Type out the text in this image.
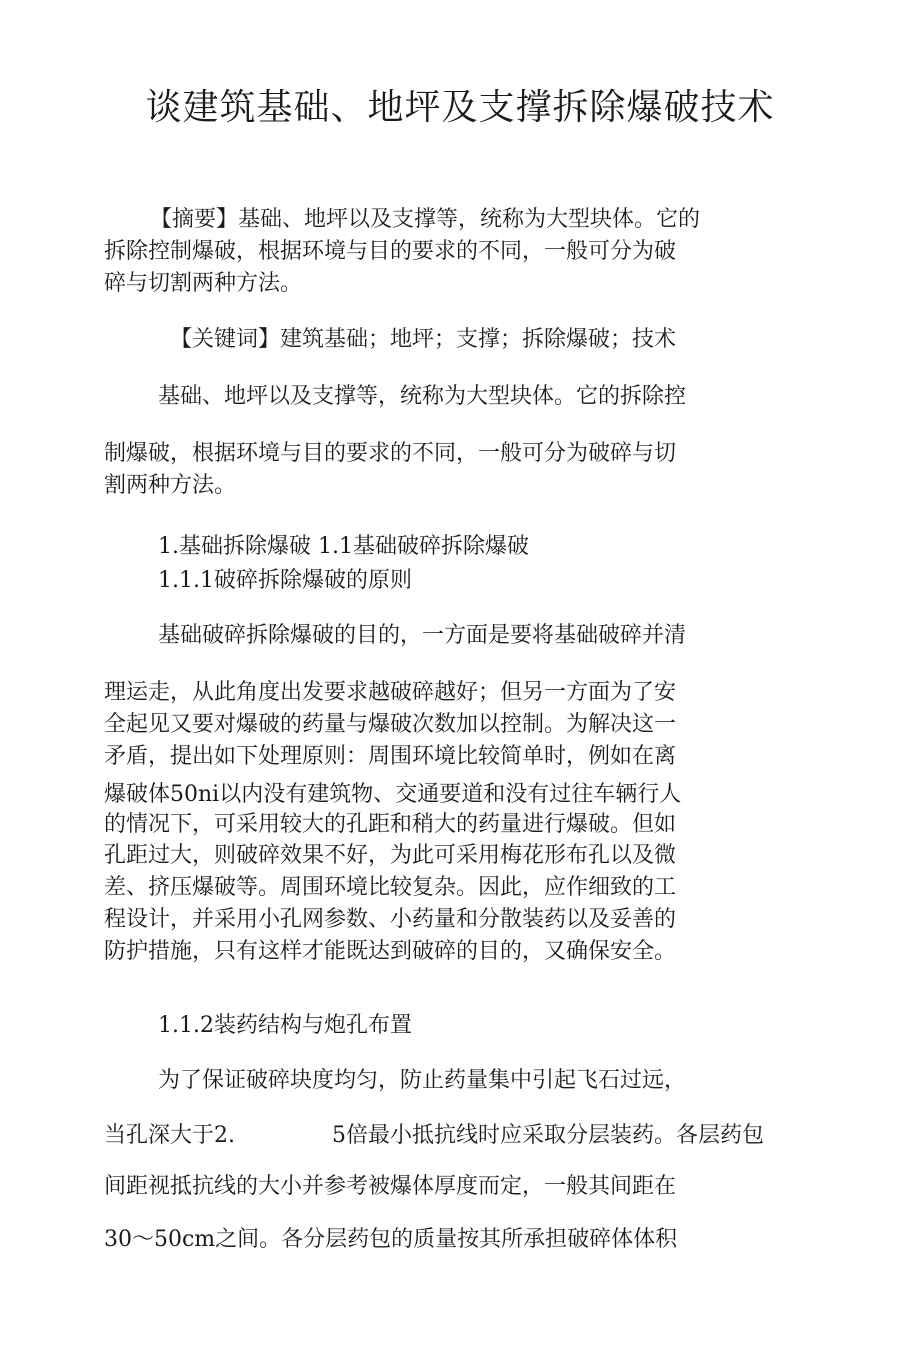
谈建筑基础、地坪及支撑拆除爆破技术
【摘要】基础、地坪以及支撑等，统称为大型块体。它的
拆除控制爆破，根据环境与目的要求的不同，一般可分为破
碎与切割两种方法。
【关键词】建筑基础；地坪；支撑；拆除爆破；技术
基础、地坪以及支撑等，统称为大型块体。它的拆除控
制爆破，根据环境与目的要求的不同，一般可分为破碎与切
割两种方法。
1.基础拆除爆破 1.1基础破碎拆除爆破
1.1.1破碎拆除爆破的原则
基础破碎拆除爆破的目的，一方面是要将基础破碎并清
理运走，从此角度出发要求越破碎越好；但另一方面为了安
全起见又要对爆破的药量与爆破次数加以控制。为解决这一
矛盾，提出如下处理原则：周围环境比较简单时，例如在离
爆破体50ni以内没有建筑物、交通要道和没有过往车辆行人
的情况下，可采用较大的孔距和稍大的药量进行爆破。但如
孔距过大，则破碎效果不好，为此可采用梅花形布孔以及微
差、挤压爆破等。周围环境比较复杂。因此，应作细致的工
程设计，并采用小孔网参数、小药量和分散装药以及妥善的
防护措施，只有这样才能既达到破碎的目的，又确保安全。
1.1.2装药结构与炮孔布置
为了保证破碎块度均匀，防止药量集中引起飞石过远，
当孔深大于2.	5倍最小抵抗线时应采取分层装药。各层药包
间距视抵抗线的大小并参考被爆体厚度而定，一般其间距在
30～50cm之间。各分层药包的质量按其所承担破碎体体积
